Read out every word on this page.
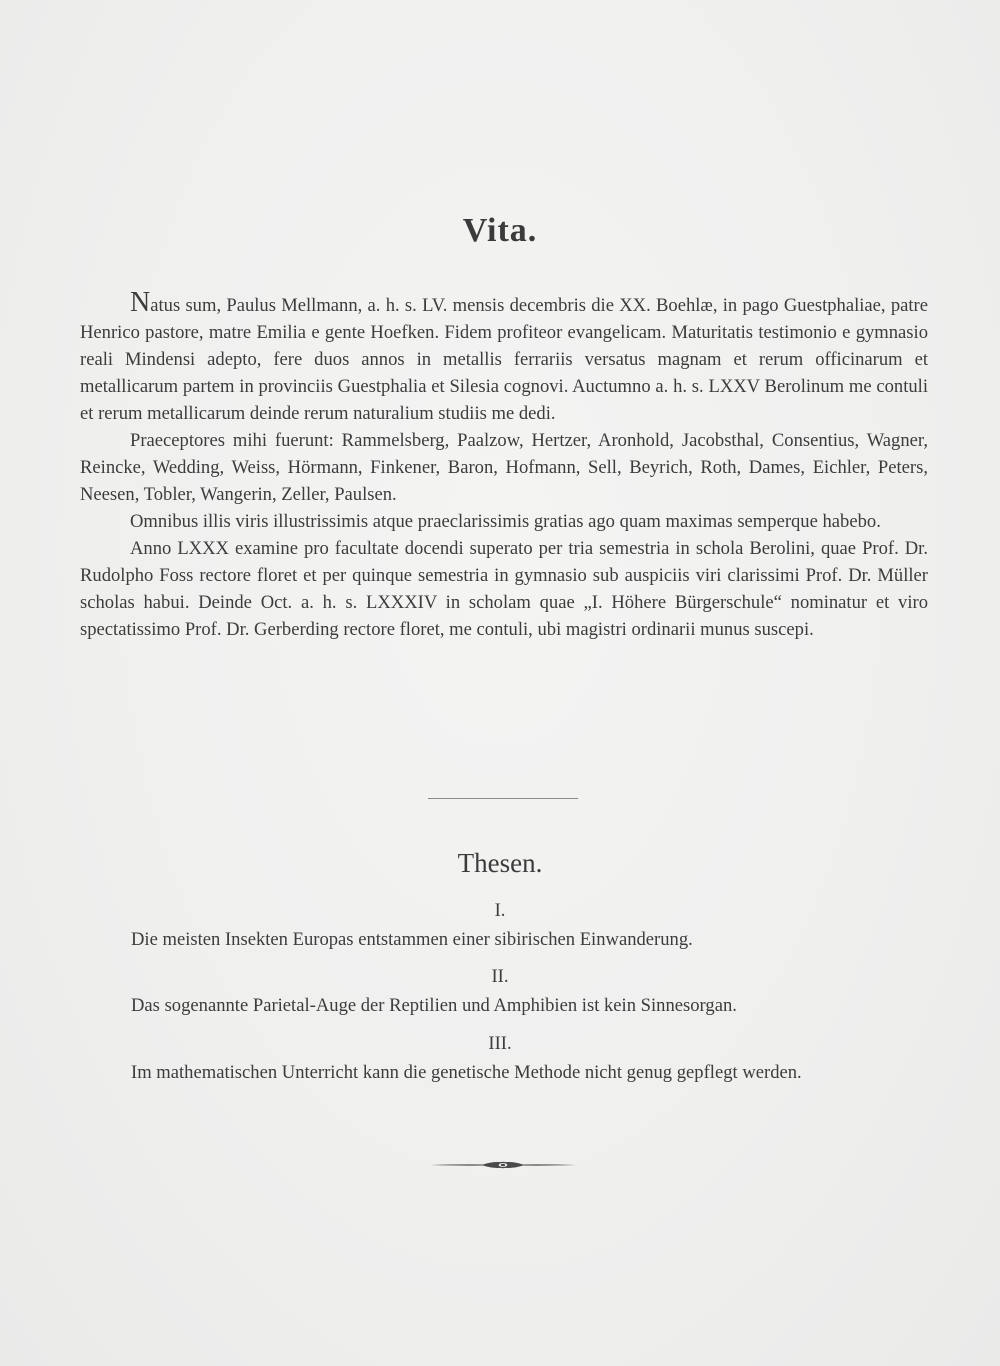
Vita.

Natus sum, Paulus Mellmann, a. h. s. LV. mensis decembris die XX. Boehlæ, in pago Guestphaliae, patre Henrico pastore, matre Emilia e gente Hoefken. Fidem profiteor evangelicam. Maturitatis testimonio e gymnasio reali Mindensi adepto, fere duos annos in metallis ferrariis versatus magnam et rerum officinarum et metallicarum partem in provinciis Guestphalia et Silesia cognovi. Auctumno a. h. s. LXXV Berolinum me contuli et rerum metallicarum deinde rerum naturalium studiis me dedi.

Praeceptores mihi fuerunt: Rammelsberg, Paalzow, Hertzer, Aronhold, Jacobsthal, Consentius, Wagner, Reincke, Wedding, Weiss, Hörmann, Finkener, Baron, Hofmann, Sell, Beyrich, Roth, Dames, Eichler, Peters, Neesen, Tobler, Wangerin, Zeller, Paulsen.

Omnibus illis viris illustrissimis atque praeclarissimis gratias ago quam maximas semperque habebo.

Anno LXXX examine pro facultate docendi superato per tria semestria in schola Berolini, quae Prof. Dr. Rudolpho Foss rectore floret et per quinque semestria in gymnasio sub auspiciis viri clarissimi Prof. Dr. Müller scholas habui. Deinde Oct. a. h. s. LXXXIV in scholam quae „I. Höhere Bürgerschule“ nominatur et viro spectatissimo Prof. Dr. Gerberding rectore floret, me contuli, ubi magistri ordinarii munus suscepi.

Thesen.
I.
Die meisten Insekten Europas entstammen einer sibirischen Einwanderung.
II.
Das sogenannte Parietal-Auge der Reptilien und Amphibien ist kein Sinnesorgan.
III.
Im mathematischen Unterricht kann die genetische Methode nicht genug gepflegt werden.
